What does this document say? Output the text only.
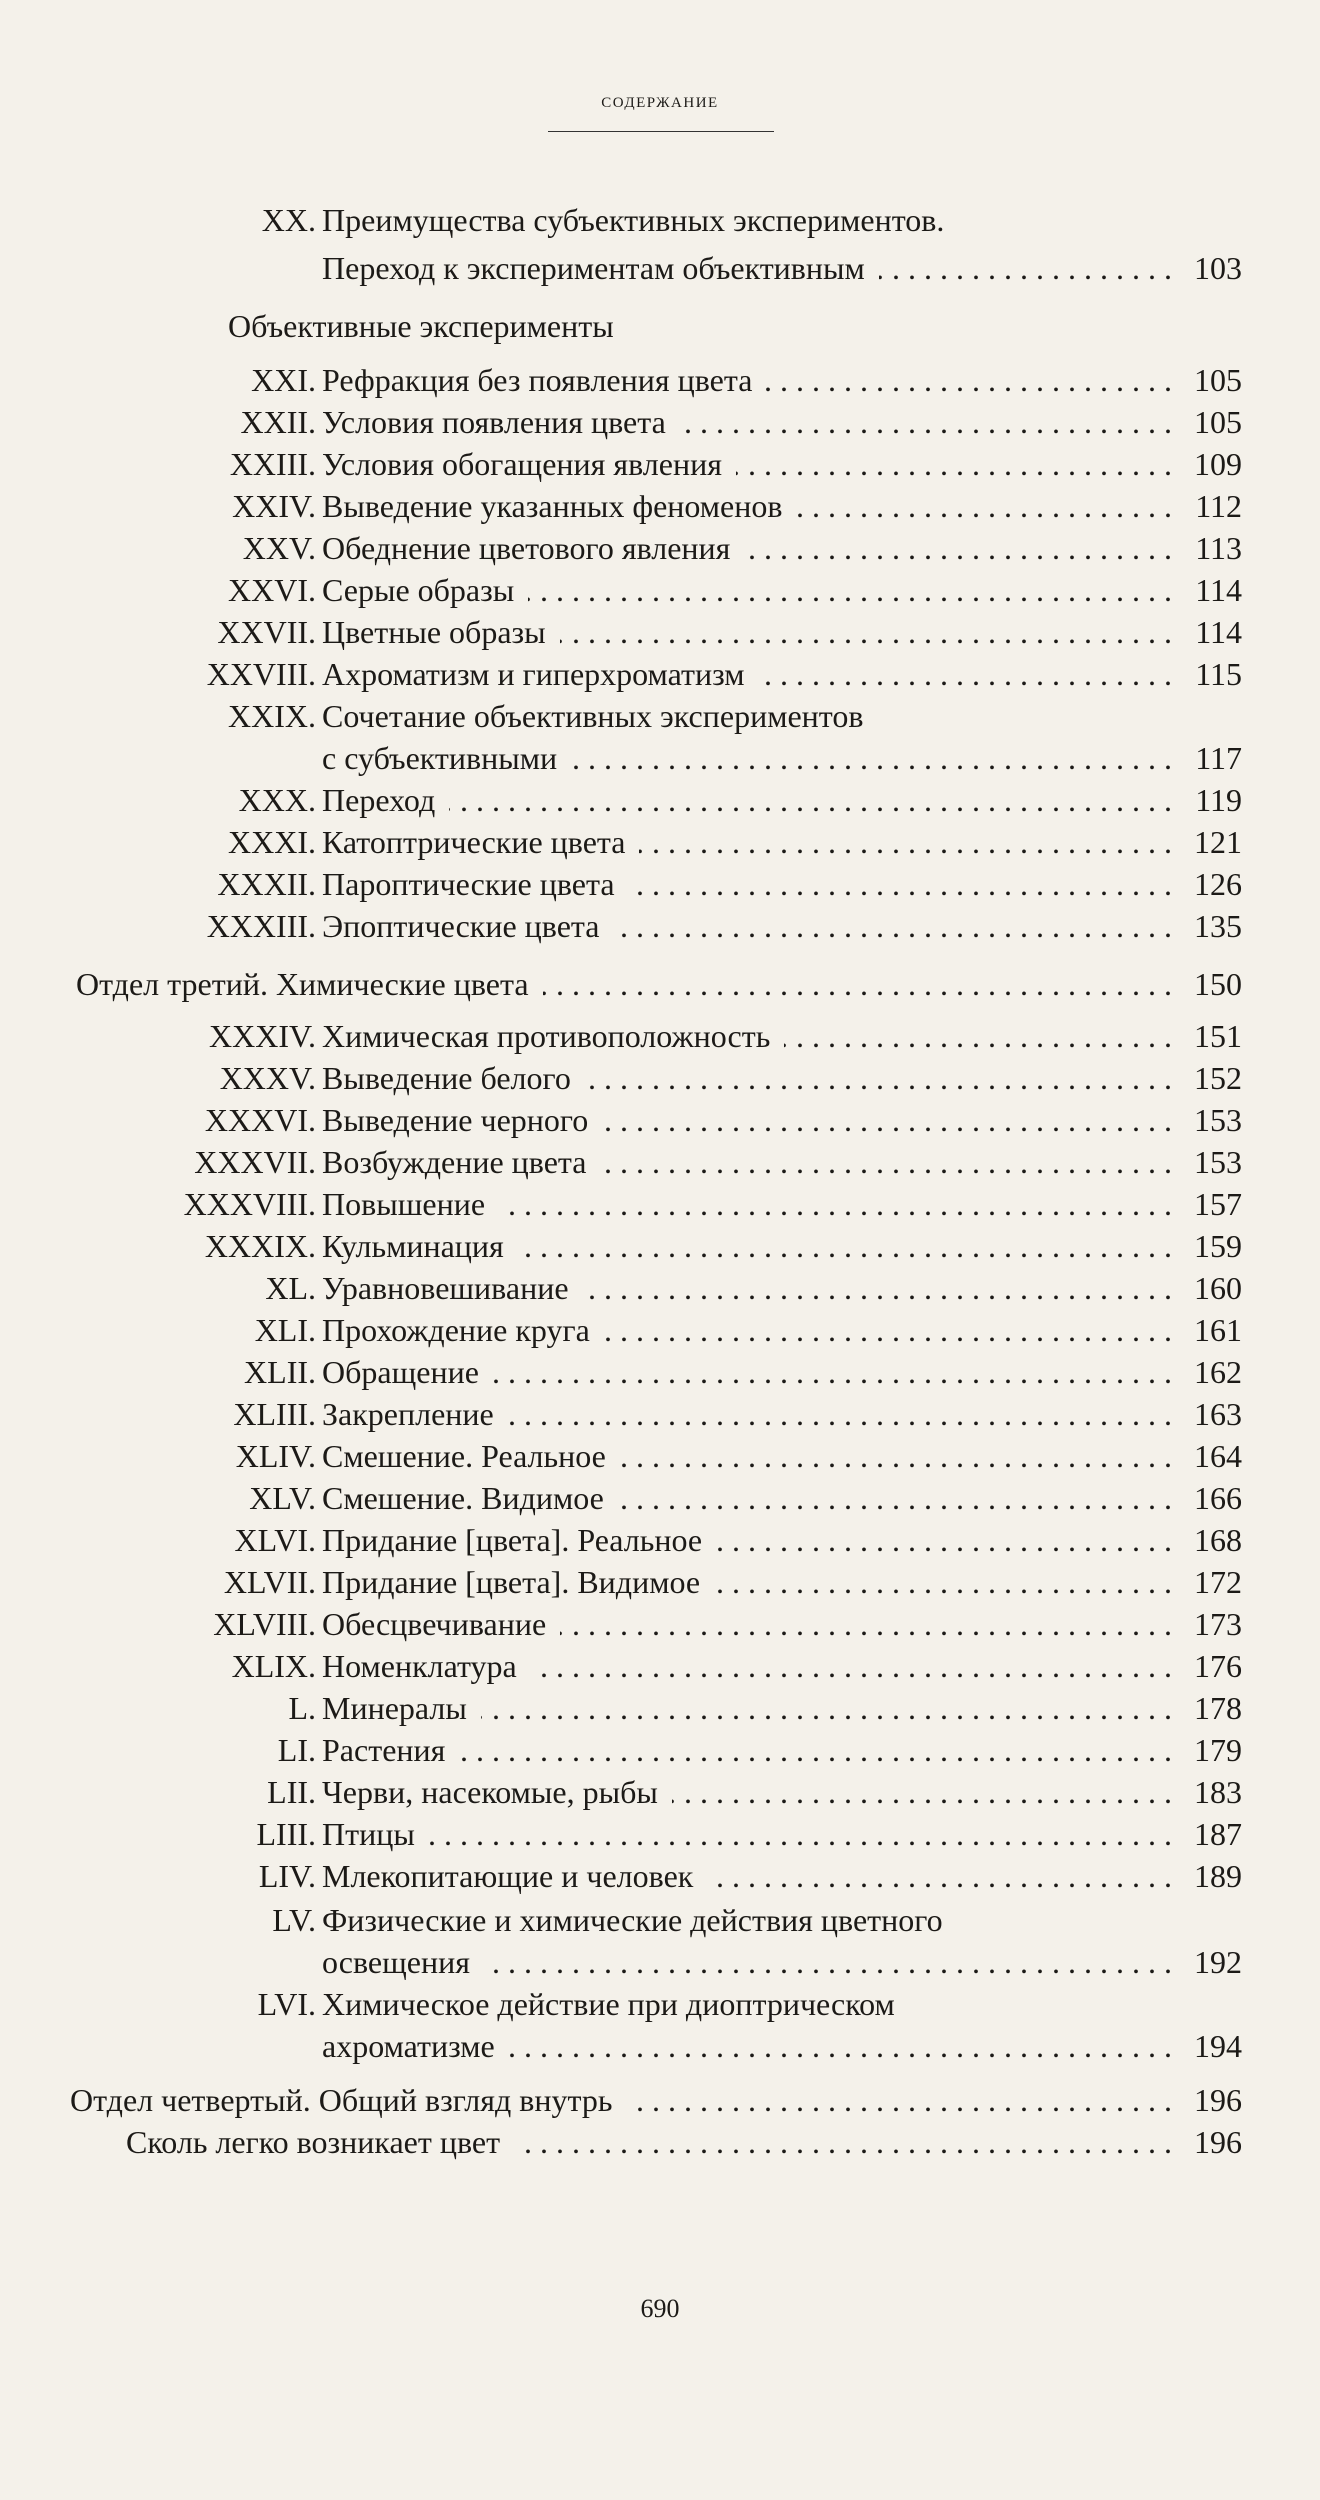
содержание
XX. Преимущества субъективных экспериментов.
Переход к экспериментам объективным	103
. . .
Объективные эксперименты
XXI. Рефракция без появления цвета	105
. . .
XXII. Условия появления цвета	105
. . .
XXIII. Условия обогащения явления	109
. . .
XXIV. Выведение указанных феноменов	112
. . .
XXV. Обеднение цветового явления	113
. . .
XXVI. Серые образы	114
. . .
XXVII. Цветные образы	114
. . .
XXVIII. Ахроматизм и гиперхроматизм	115
. . .
XXIX. Сочетание объективных экспериментов
с субъективными	117
. . .
XXX. Переход	119
. . .
XXXI. Катоптрические цвета	121
. . .
XXXII. Пароптические цвета	126
. . .
XXXIII. Эпоптические цвета	135
. . .
Отдел третий. Химические цвета	150
. . .
XXXIV. Химическая противоположность	151
. . .
XXXV. Выведение белого	152
. . .
XXXVI. Выведение черного	153
. . .
XXXVII. Возбуждение цвета	153
. . .
XXXVIII. Повышение	157
. . .
XXXIX. Кульминация	159
. . .
XL. Уравновешивание	160
. . .
XLI. Прохождение круга	161
. . .
XLII. Обращение	162
. . .
XLIII. Закрепление	163
. . .
XLIV. Смешение. Реальное	164
. . .
XLV. Смешение. Видимое	166
. . .
XLVI. Придание [цвета]. Реальное	168
. . .
XLVII. Придание [цвета]. Видимое	172
. . .
XLVIII. Обесцвечивание	173
. . .
XLIX. Номенклатура	176
. . .
L. Минералы	178
. . .
LI. Растения	179
. . .
LII. Черви, насекомые, рыбы	183
. . .
LIII. Птицы	187
. . .
LIV. Млекопитающие и человек	189
. . .
LV. Физические и химические действия цветного
освещения	192
. . .
LVI. Химическое действие при диоптрическом
ахроматизме	194
. . .
Отдел четвертый. Общий взгляд внутрь	196
. . .
Сколь легко возникает цвет	196
. . .
690
